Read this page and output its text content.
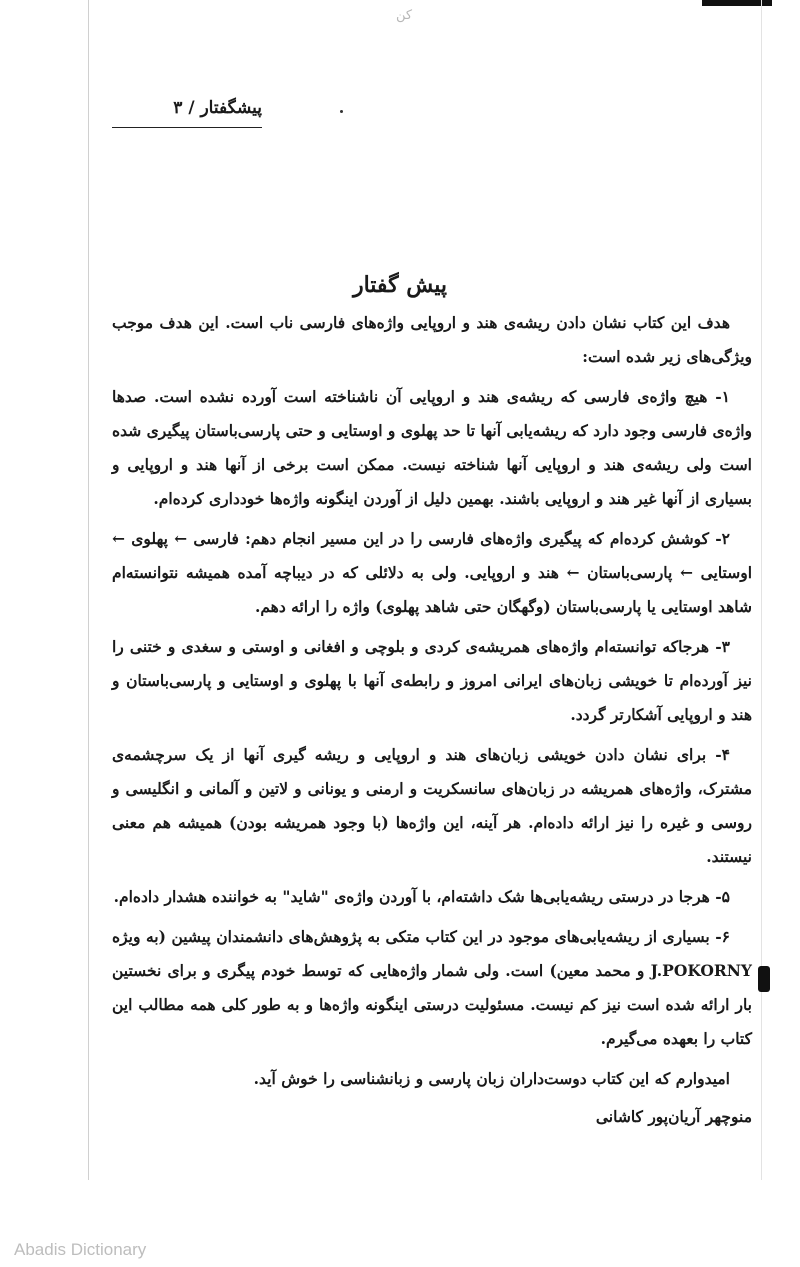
کن
پیشگفتار / ۳
پیش گفتار

هدف این کتاب نشان دادن ریشه‌ی هند و اروپایی واژه‌های فارسی ناب است. این هدف موجب ویژگی‌های زیر شده است:

۱- هیچ واژه‌ی فارسی که ریشه‌ی هند و اروپایی آن ناشناخته است آورده نشده است. صدها واژه‌ی فارسی وجود دارد که ریشه‌یابی آنها تا حد پهلوی و اوستایی و حتی پارسی‌باستان پیگیری شده است ولی ریشه‌ی هند و اروپایی آنها شناخته نیست. ممکن است برخی از آنها هند و اروپایی و بسیاری از آنها غیر هند و اروپایی باشند. بهمین دلیل از آوردن اینگونه واژه‌ها خودداری کرده‌ام.

۲- کوشش کرده‌ام که پیگیری واژه‌های فارسی را در این مسیر انجام دهم: فارسی ← پهلوی ← اوستایی ← پارسی‌باستان ← هند و اروپایی. ولی به دلائلی که در دیباچه آمده همیشه نتوانسته‌ام شاهد اوستایی یا پارسی‌باستان (وگهگان حتی شاهد پهلوی) واژه را ارائه دهم.

۳- هرجاکه توانسته‌ام واژه‌های همریشه‌ی کردی و بلوچی و افغانی و اوستی و سغدی و ختنی را نیز آورده‌ام تا خویشی زبان‌های ایرانی امروز و رابطه‌ی آنها با پهلوی و اوستایی و پارسی‌باستان و هند و اروپایی آشکارتر گردد.

۴- برای نشان دادن خویشی زبان‌های هند و اروپایی و ریشه گیری آنها از یک سرچشمه‌ی مشترک، واژه‌های همریشه در زبان‌های سانسکریت و ارمنی و یونانی و لاتین و آلمانی و انگلیسی و روسی و غیره را نیز ارائه داده‌ام. هر آینه، این واژه‌ها (با وجود همریشه بودن) همیشه هم معنی نیستند.

۵- هرجا در درستی ریشه‌یابی‌ها شک داشته‌ام، با آوردن واژه‌ی "شاید" به خواننده هشدار داده‌ام.

۶- بسیاری از ریشه‌یابی‌های موجود در این کتاب متکی به پژوهش‌های دانشمندان پیشین (به ویژه J.POKORNY و محمد معین) است. ولی شمار واژه‌هایی که توسط خودم پیگری و برای نخستین بار ارائه شده است نیز کم نیست. مسئولیت درستی اینگونه واژه‌ها و به طور کلی همه مطالب این کتاب را بعهده می‌گیرم.

امیدوارم که این کتاب دوست‌داران زبان پارسی و زبانشناسی را خوش آید.

منوچهر آریان‌پور کاشانی

Abadis Dictionary
